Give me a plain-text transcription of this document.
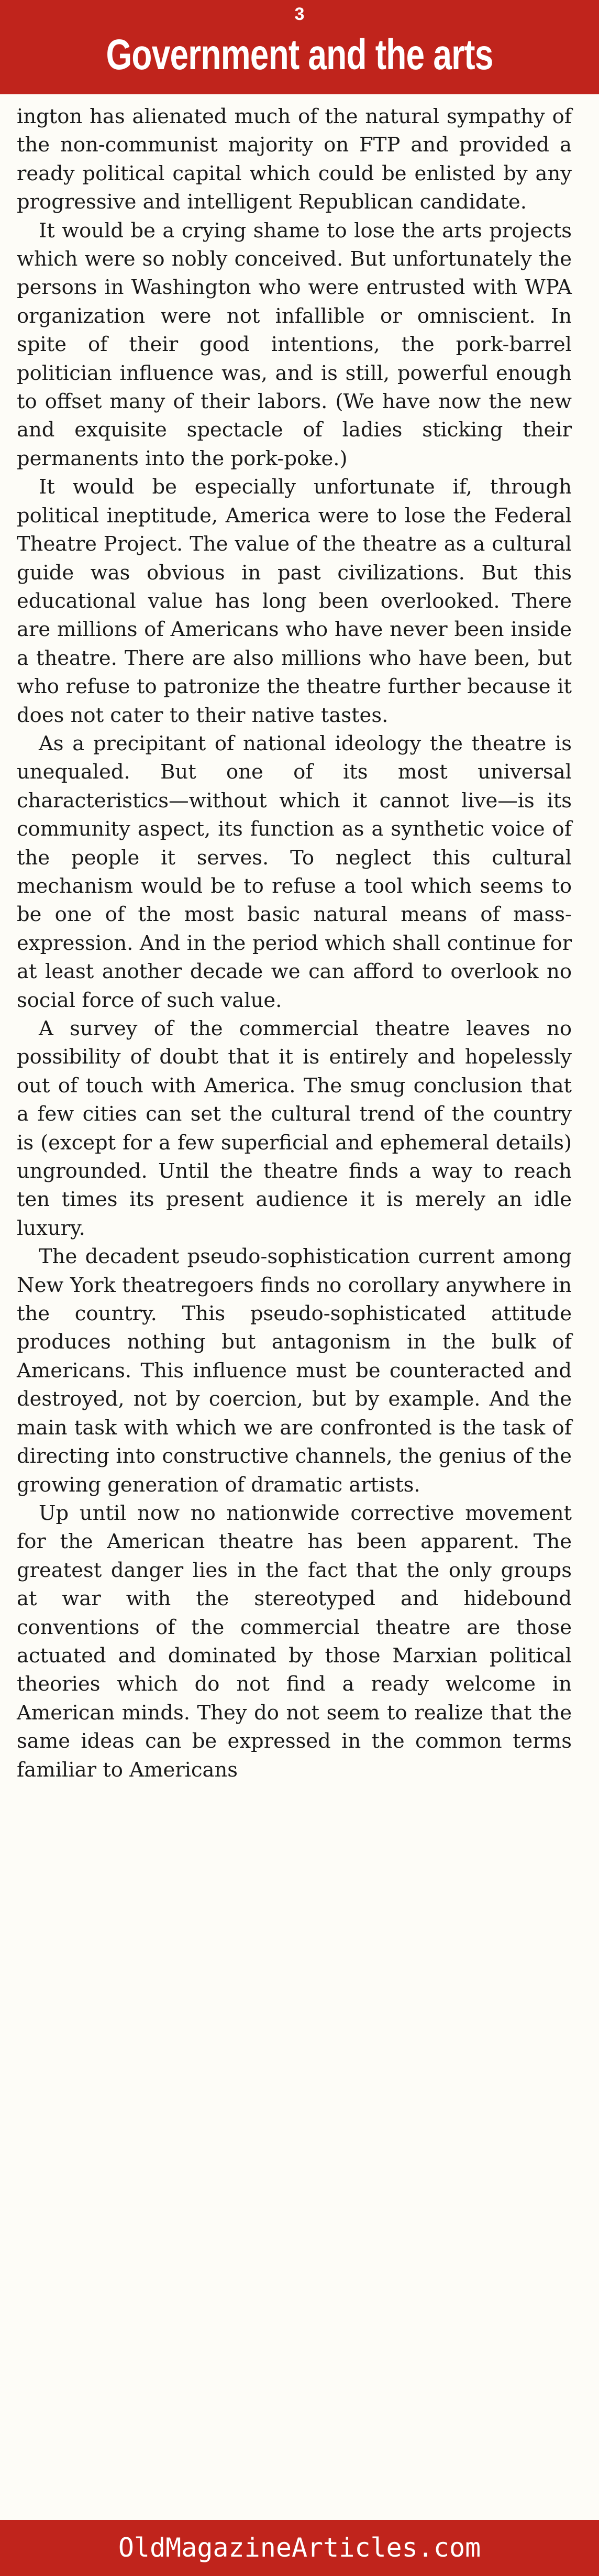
3
Government and the arts

ington has alienated much of the natural sympathy of the non-communist majority on FTP and provided a ready political capital which could be enlisted by any progressive and intelligent Republican candidate.

It would be a crying shame to lose the arts projects which were so nobly conceived. But unfortunately the persons in Washington who were entrusted with WPA organization were not infallible or omniscient. In spite of their good intentions, the pork-barrel politician influence was, and is still, powerful enough to offset many of their labors. (We have now the new and exquisite spectacle of ladies sticking their permanents into the pork-poke.)

It would be especially unfortunate if, through political ineptitude, America were to lose the Federal Theatre Project. The value of the theatre as a cultural guide was obvious in past civilizations. But this educational value has long been overlooked. There are millions of Americans who have never been inside a theatre. There are also millions who have been, but who refuse to patronize the theatre further because it does not cater to their native tastes.

As a precipitant of national ideology the theatre is unequaled. But one of its most universal characteristics—without which it cannot live—is its community aspect, its function as a synthetic voice of the people it serves. To neglect this cultural mechanism would be to refuse a tool which seems to be one of the most basic natural means of mass-expression. And in the period which shall continue for at least another decade we can afford to overlook no social force of such value.

A survey of the commercial theatre leaves no possibility of doubt that it is entirely and hopelessly out of touch with America. The smug conclusion that a few cities can set the cultural trend of the country is (except for a few superficial and ephemeral details) ungrounded. Until the theatre finds a way to reach ten times its present audience it is merely an idle luxury.

The decadent pseudo-sophistication current among New York theatregoers finds no corollary anywhere in the country. This pseudo-sophisticated attitude produces nothing but antagonism in the bulk of Americans. This influence must be counteracted and destroyed, not by coercion, but by example. And the main task with which we are confronted is the task of directing into constructive channels, the genius of the growing generation of dramatic artists.

Up until now no nationwide corrective movement for the American theatre has been apparent. The greatest danger lies in the fact that the only groups at war with the stereotyped and hidebound conventions of the commercial theatre are those actuated and dominated by those Marxian political theories which do not find a ready welcome in American minds. They do not seem to realize that the same ideas can be expressed in the common terms familiar to Americans

OldMagazineArticles.com
